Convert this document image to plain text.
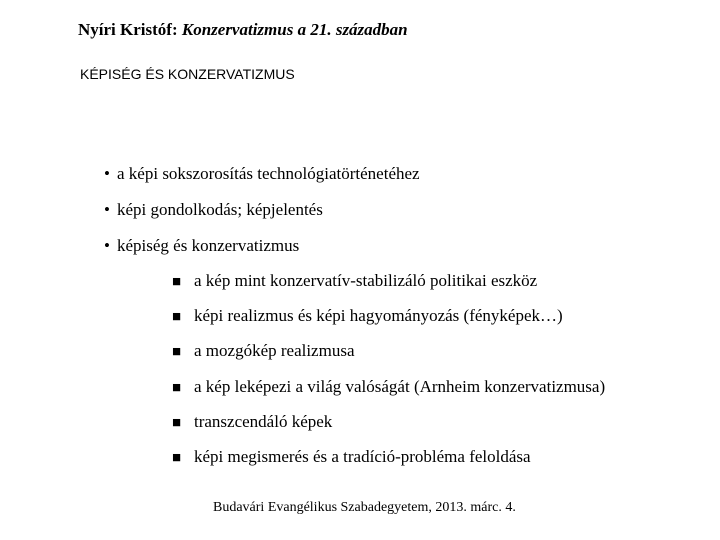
Nyíri Kristóf: Konzervatizmus a 21. században
KÉPISÉG ÉS KONZERVATIZMUS
• a képi sokszorosítás technológiatörténetéhez
• képi gondolkodás; képjelentés
• képiség és konzervatizmus
■ a kép mint konzervatív-stabilizáló politikai eszköz
■ képi realizmus és képi hagyományozás (fényképek…)
■ a mozgókép realizmusa
■ a kép leképezi a világ valóságát (Arnheim konzervatizmusa)
■ transzcendáló képek
■ képi megismerés és a tradíció-probléma feloldása
Budavári Evangélikus Szabadegyetem, 2013. márc. 4.
